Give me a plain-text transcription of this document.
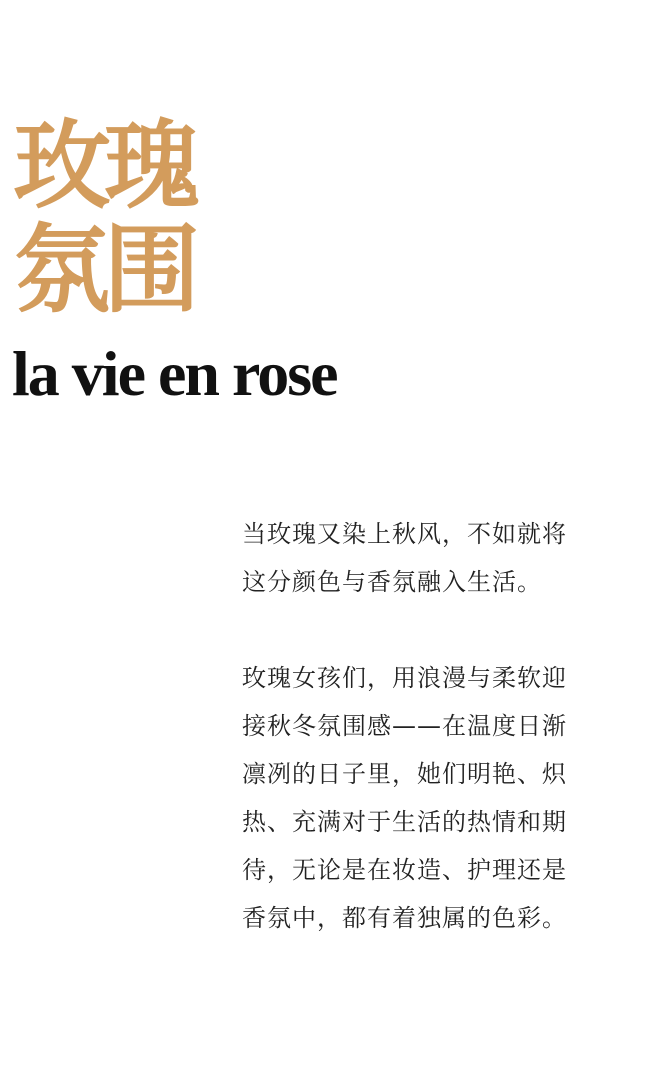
玫瑰
氛围
la vie en rose

当玫瑰又染上秋风，不如就将
这分颜色与香氛融入生活。

玫瑰女孩们，用浪漫与柔软迎
接秋冬氛围感——在温度日渐
凛冽的日子里，她们明艳、炽
热、充满对于生活的热情和期
待，无论是在妆造、护理还是
香氛中，都有着独属的色彩。
